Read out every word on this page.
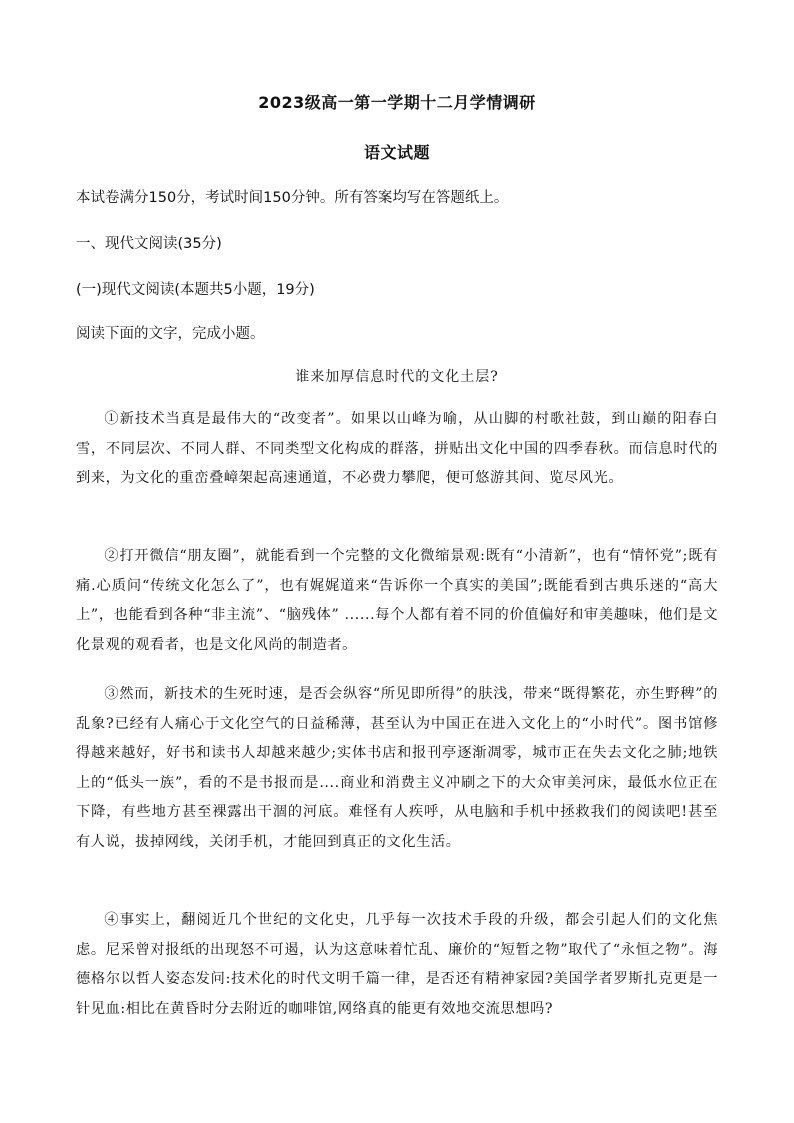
2023级高一第一学期十二月学情调研
语文试题
本试卷满分150分，考试时间150分钟。所有答案均写在答题纸上。
一、现代文阅读(35分)
(一)现代文阅读(本题共5小题，19分)
阅读下面的文字，完成小题。
谁来加厚信息时代的文化土层?
①新技术当真是最伟大的“改变者”。如果以山峰为喻，从山脚的村歌社鼓，到山巅的阳春白雪，不同层次、不同人群、不同类型文化构成的群落，拼贴出文化中国的四季春秋。而信息时代的到来，为文化的重峦叠嶂架起高速通道，不必费力攀爬，便可悠游其间、览尽风光。
②打开微信“朋友圈”，就能看到一个完整的文化微缩景观:既有“小清新”，也有“情怀党”;既有痛.心质问“传统文化怎么了”，也有娓娓道来“告诉你一个真实的美国”;既能看到古典乐迷的“高大上”，也能看到各种“非主流”、“脑残体” ......每个人都有着不同的价值偏好和审美趣味，他们是文化景观的观看者，也是文化风尚的制造者。
③然而，新技术的生死时速，是否会纵容“所见即所得”的肤浅，带来“既得繁花，亦生野稗”的乱象?已经有人痛心于文化空气的日益稀薄，甚至认为中国正在进入文化上的“小时代”。图书馆修得越来越好，好书和读书人却越来越少;实体书店和报刊亭逐渐凋零，城市正在失去文化之肺;地铁上的“低头一族”，看的不是书报而是....商业和消费主义冲刷之下的大众审美河床，最低水位正在下降，有些地方甚至裸露出干涸的河底。难怪有人疾呼，从电脑和手机中拯救我们的阅读吧!甚至有人说，拔掉网线，关闭手机，才能回到真正的文化生活。
④事实上，翻阅近几个世纪的文化史，几乎每一次技术手段的升级，都会引起人们的文化焦虑。尼采曾对报纸的出现怒不可遏，认为这意味着忙乱、廉价的“短暂之物”取代了“永恒之物”。海德格尔以哲人姿态发问:技术化的时代文明千篇一律，是否还有精神家园?美国学者罗斯扎克更是一针见血:相比在黄昏时分去附近的咖啡馆,网络真的能更有效地交流思想吗?
